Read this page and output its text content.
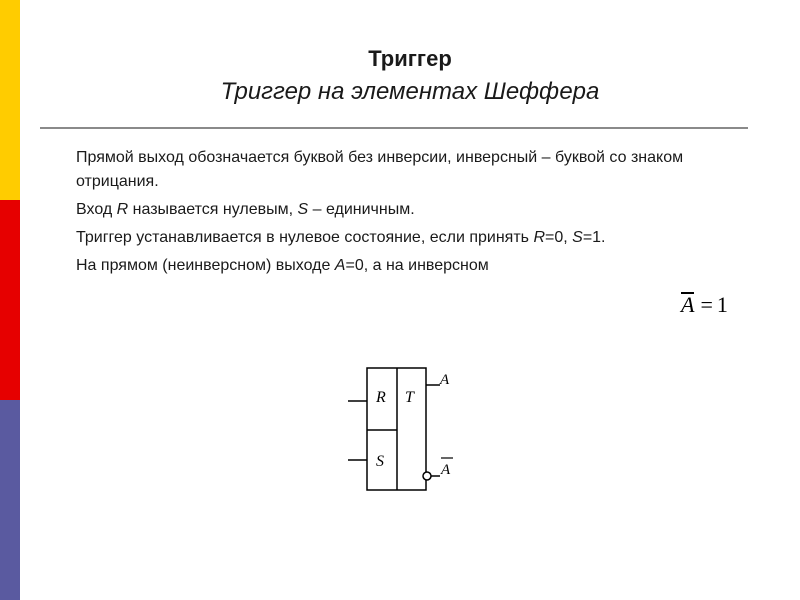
Триггер
Триггер на элементах Шеффера

Прямой выход обозначается буквой без инверсии, инверсный – буквой со знаком отрицания.

Вход R называется нулевым, S – единичным.

Триггер устанавливается в нулевое состояние, если принять R=0, S=1.

На прямом (неинверсном) выходе A=0, а на инверсном

A = 1
R
S
T
A
A
